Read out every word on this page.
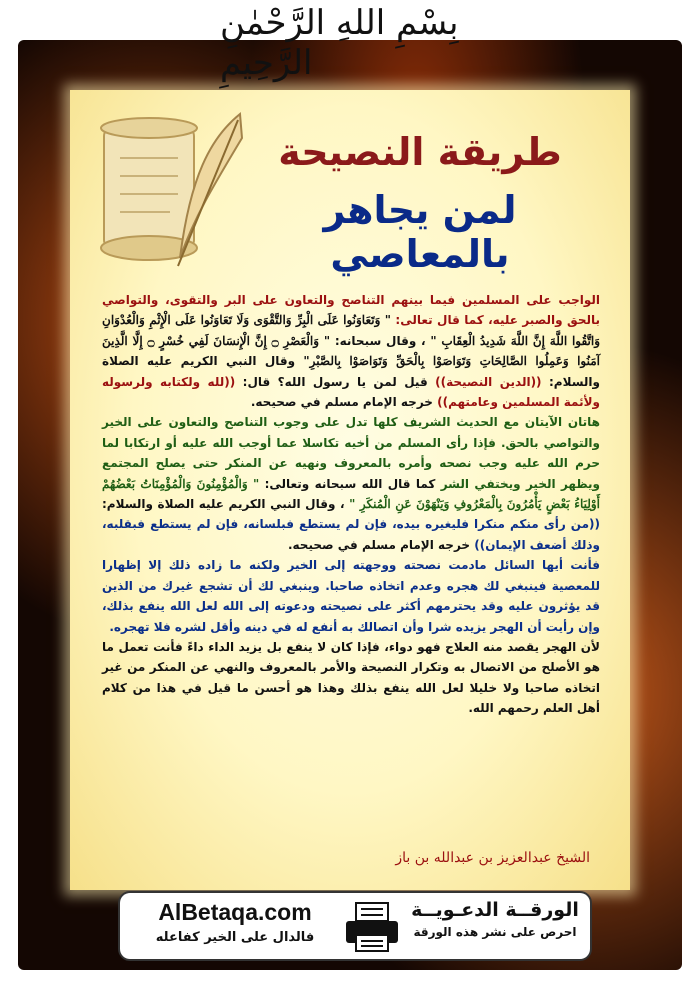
بِسْمِ اللهِ الرَّحْمٰنِ الرَّحِيمِ
طريقة النصيحة
لمن يجاهر بالمعاصي

الواجب على المسلمين فيما بينهم التناصح والتعاون على البر والتقوى، والتواصي بالحق والصبر عليه، كما قال تعالى: " وَتَعَاوَنُوا عَلَى الْبِرِّ وَالتَّقْوَى وَلَا تَعَاوَنُوا عَلَى الْإِثْمِ وَالْعُدْوَانِ وَاتَّقُوا اللَّهَ إِنَّ اللَّهَ شَدِيدُ الْعِقَابِ " ، وقال سبحانه: " وَالْعَصْرِ ۝ إِنَّ الْإِنسَانَ لَفِي خُسْرٍ ۝ إِلَّا الَّذِينَ آمَنُوا وَعَمِلُوا الصَّالِحَاتِ وَتَوَاصَوْا بِالْحَقِّ وَتَوَاصَوْا بِالصَّبْرِ" وقال النبي الكريم عليه الصلاة والسلام: ((الدين النصيحة)) قيل لمن يا رسول الله؟ قال: ((لله ولكتابه ولرسوله ولأئمة المسلمين وعامتهم)) خرجه الإمام مسلم في صحيحه.

هاتان الآيتان مع الحديث الشريف كلها تدل على وجوب التناصح والتعاون على الخير والتواصي بالحق. فإذا رأى المسلم من أخيه تكاسلا عما أوجب الله عليه أو ارتكابا لما حرم الله عليه وجب نصحه وأمره بالمعروف ونهيه عن المنكر حتى يصلح المجتمع ويظهر الخير ويختفي الشر كما قال الله سبحانه وتعالى: " وَالْمُؤْمِنُونَ وَالْمُؤْمِنَاتُ بَعْضُهُمْ أَوْلِيَاءُ بَعْضٍ يَأْمُرُونَ بِالْمَعْرُوفِ وَيَنْهَوْنَ عَنِ الْمُنكَرِ " ، وقال النبي الكريم عليه الصلاة والسلام: ((من رأى منكم منكرا فليغيره بيده، فإن لم يستطع فبلسانه، فإن لم يستطع فبقلبه، وذلك أضعف الإيمان)) خرجه الإمام مسلم في صحيحه.

فأنت أيها السائل مادمت نصحته ووجهته إلى الخير ولكنه ما زاده ذلك إلا إظهارا للمعصية فينبغي لك هجره وعدم اتخاذه صاحبا. وينبغي لك أن تشجع غيرك من الذين قد يؤثرون عليه وقد يحترمهم أكثر على نصيحته ودعوته إلى الله لعل الله ينفع بذلك، وإن رأيت أن الهجر يزيده شرا وأن اتصالك به أنفع له في دينه وأقل لشره فلا تهجره.

لأن الهجر يقصد منه العلاج فهو دواء، فإذا كان لا ينفع بل يزيد الداء داءً فأنت تعمل ما هو الأصلح من الاتصال به وتكرار النصيحة والأمر بالمعروف والنهي عن المنكر من غير اتخاذه صاحبا ولا خليلا لعل الله ينفع بذلك وهذا هو أحسن ما قيل في هذا من كلام أهل العلم رحمهم الله.

الشيخ عبدالعزيز بن عبدالله بن باز
AlBetaqa.com
فالدال على الخير كفاعله
الورقــة الدعـويــة
احرص على نشر هذه الورقة
